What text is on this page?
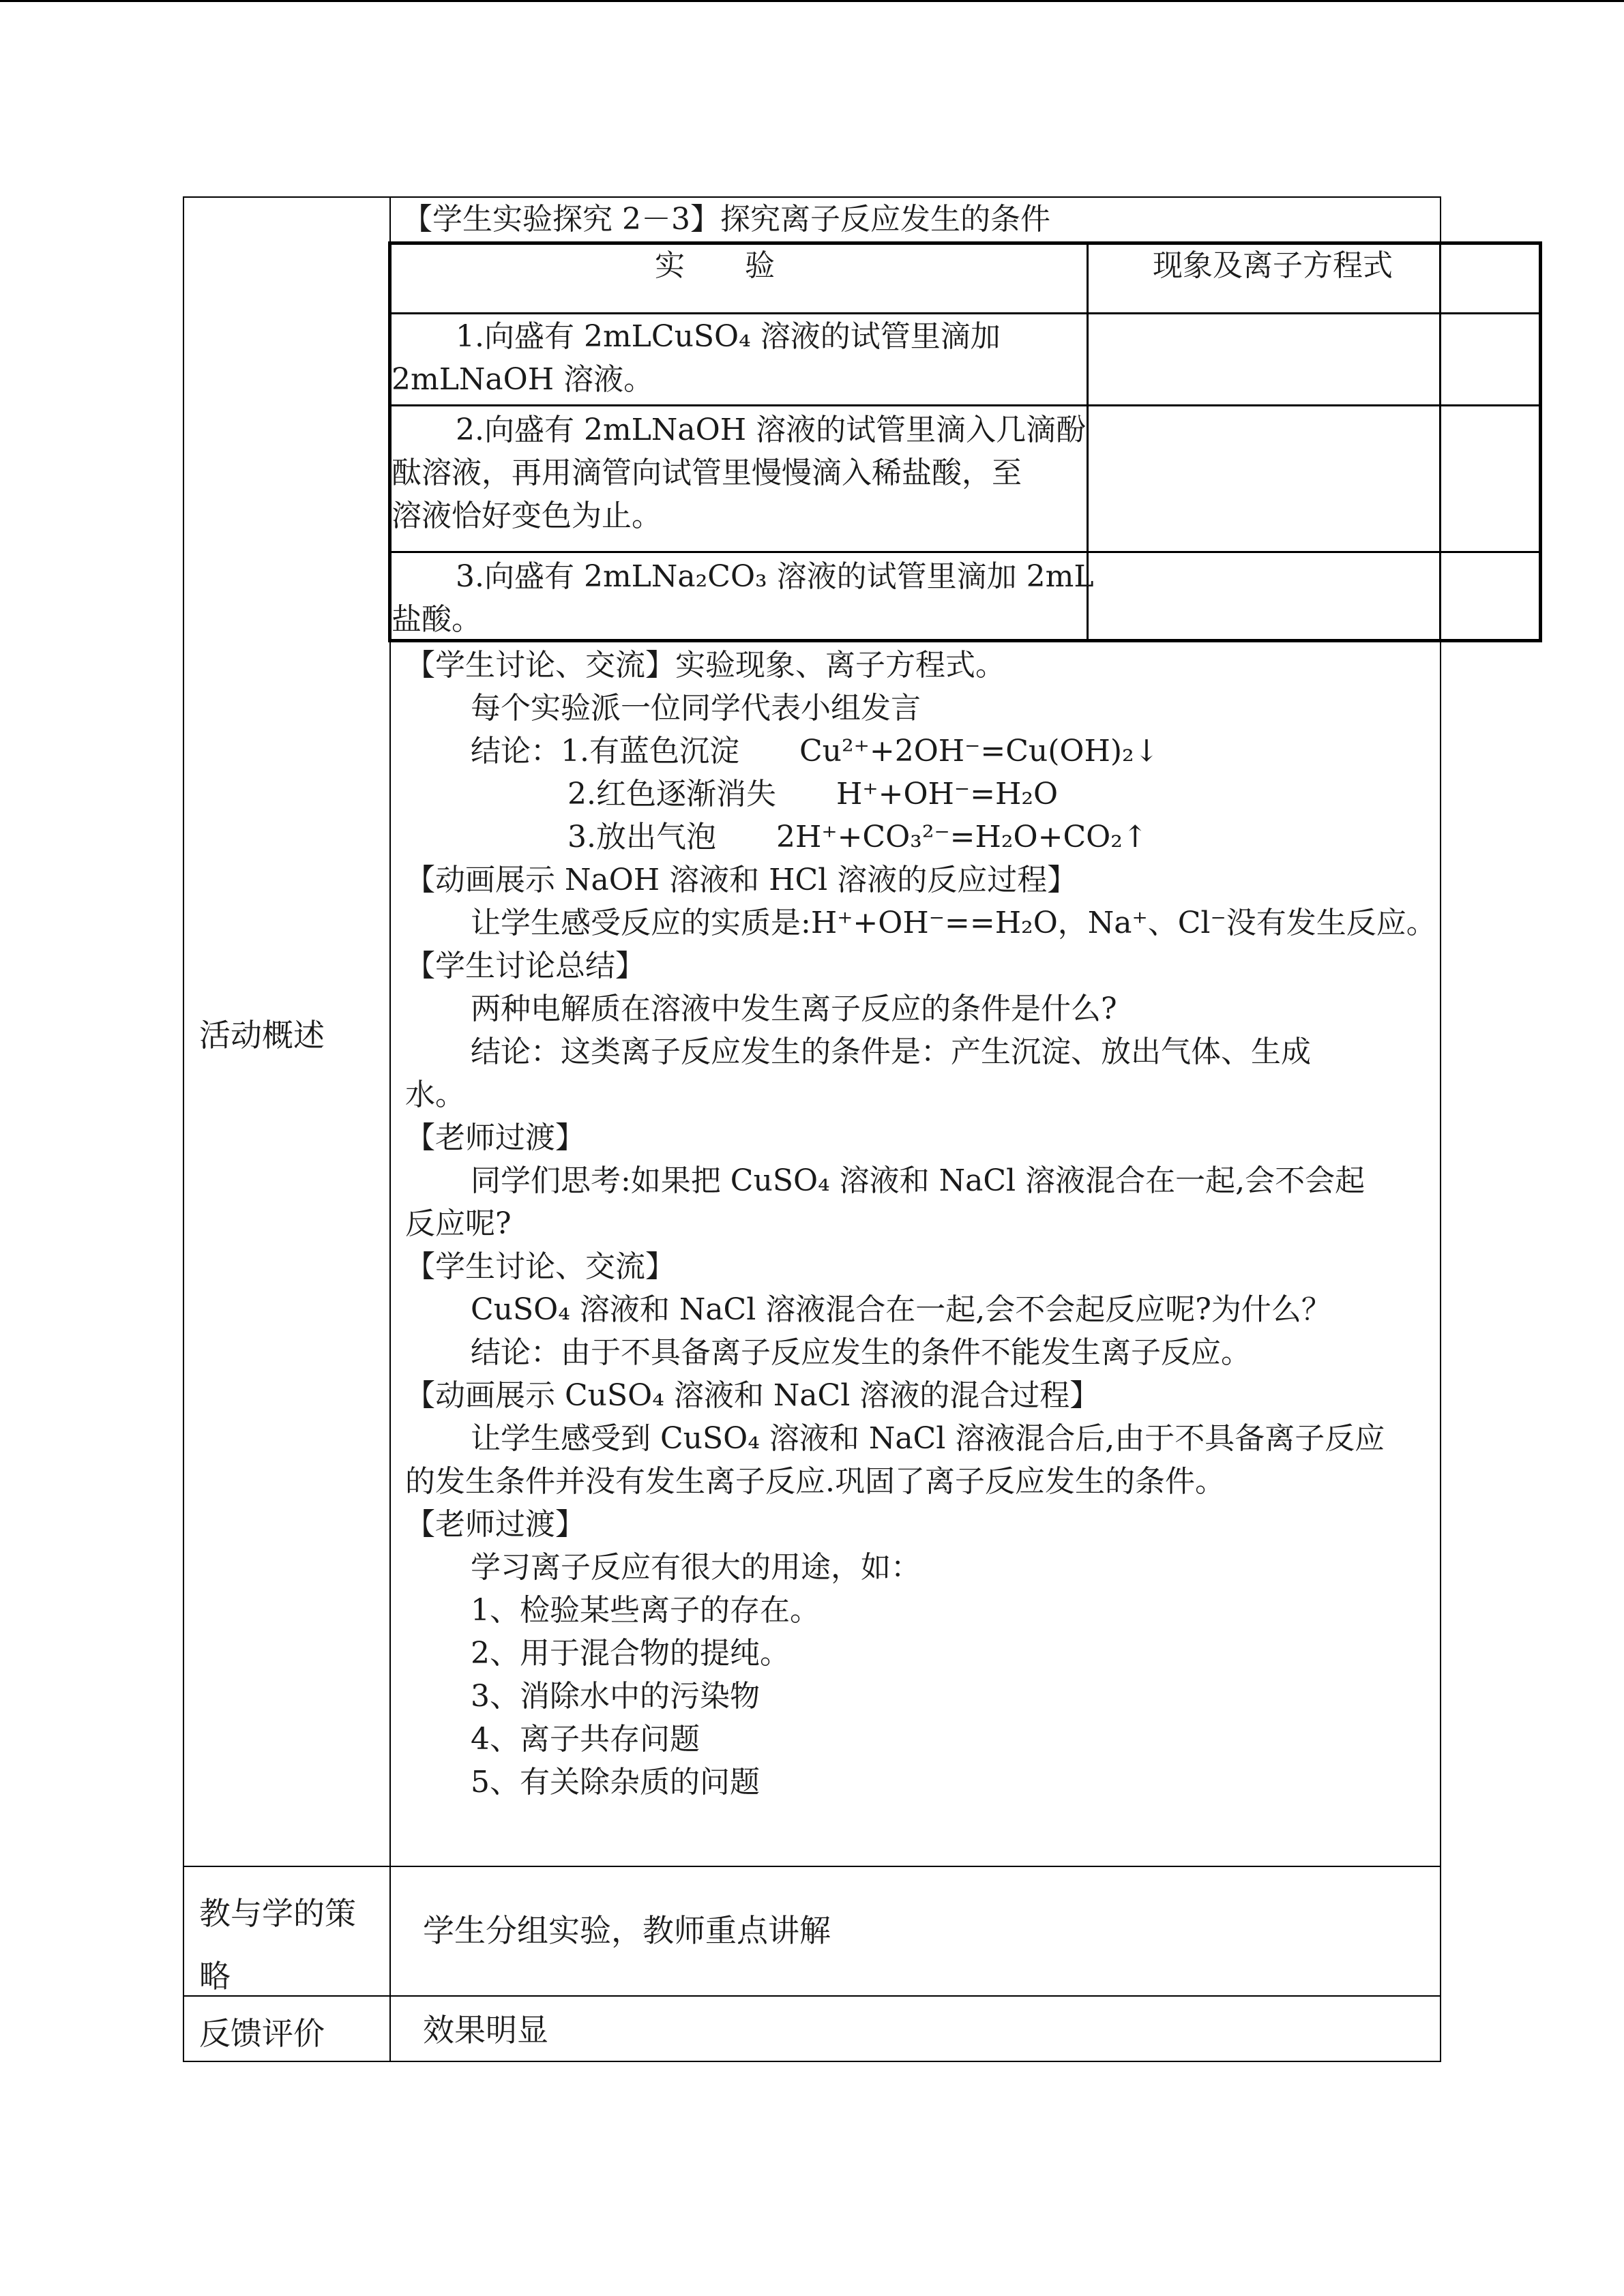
活动概述
教与学的策略
反馈评价
【学生实验探究 2－3】探究离子反应发生的条件
实　　验	现象及离子方程式
1.向盛有 2mLCuSO₄ 溶液的试管里滴加
2mLNaOH 溶液。
2.向盛有 2mLNaOH 溶液的试管里滴入几滴酚
酞溶液，再用滴管向试管里慢慢滴入稀盐酸，至
溶液恰好变色为止。
3.向盛有 2mLNa₂CO₃ 溶液的试管里滴加 2mL
盐酸。
【学生讨论、交流】实验现象、离子方程式。
每个实验派一位同学代表小组发言
结论：1.有蓝色沉淀　　Cu²⁺+2OH⁻=Cu(OH)₂↓
2.红色逐渐消失　　H⁺+OH⁻=H₂O
3.放出气泡　　2H⁺+CO₃²⁻=H₂O+CO₂↑
【动画展示 NaOH 溶液和 HCl 溶液的反应过程】
让学生感受反应的实质是:H⁺+OH⁻==H₂O，Na⁺、Cl⁻没有发生反应。
【学生讨论总结】
两种电解质在溶液中发生离子反应的条件是什么?
结论：这类离子反应发生的条件是：产生沉淀、放出气体、生成
水。
【老师过渡】
同学们思考:如果把 CuSO₄ 溶液和 NaCl 溶液混合在一起,会不会起
反应呢?
【学生讨论、交流】
CuSO₄ 溶液和 NaCl 溶液混合在一起,会不会起反应呢?为什么？
结论：由于不具备离子反应发生的条件不能发生离子反应。
【动画展示 CuSO₄ 溶液和 NaCl 溶液的混合过程】
让学生感受到 CuSO₄ 溶液和 NaCl 溶液混合后,由于不具备离子反应
的发生条件并没有发生离子反应.巩固了离子反应发生的条件。
【老师过渡】
学习离子反应有很大的用途，如：
1、检验某些离子的存在。
2、用于混合物的提纯。
3、消除水中的污染物
4、离子共存问题
5、有关除杂质的问题
学生分组实验，教师重点讲解
效果明显
